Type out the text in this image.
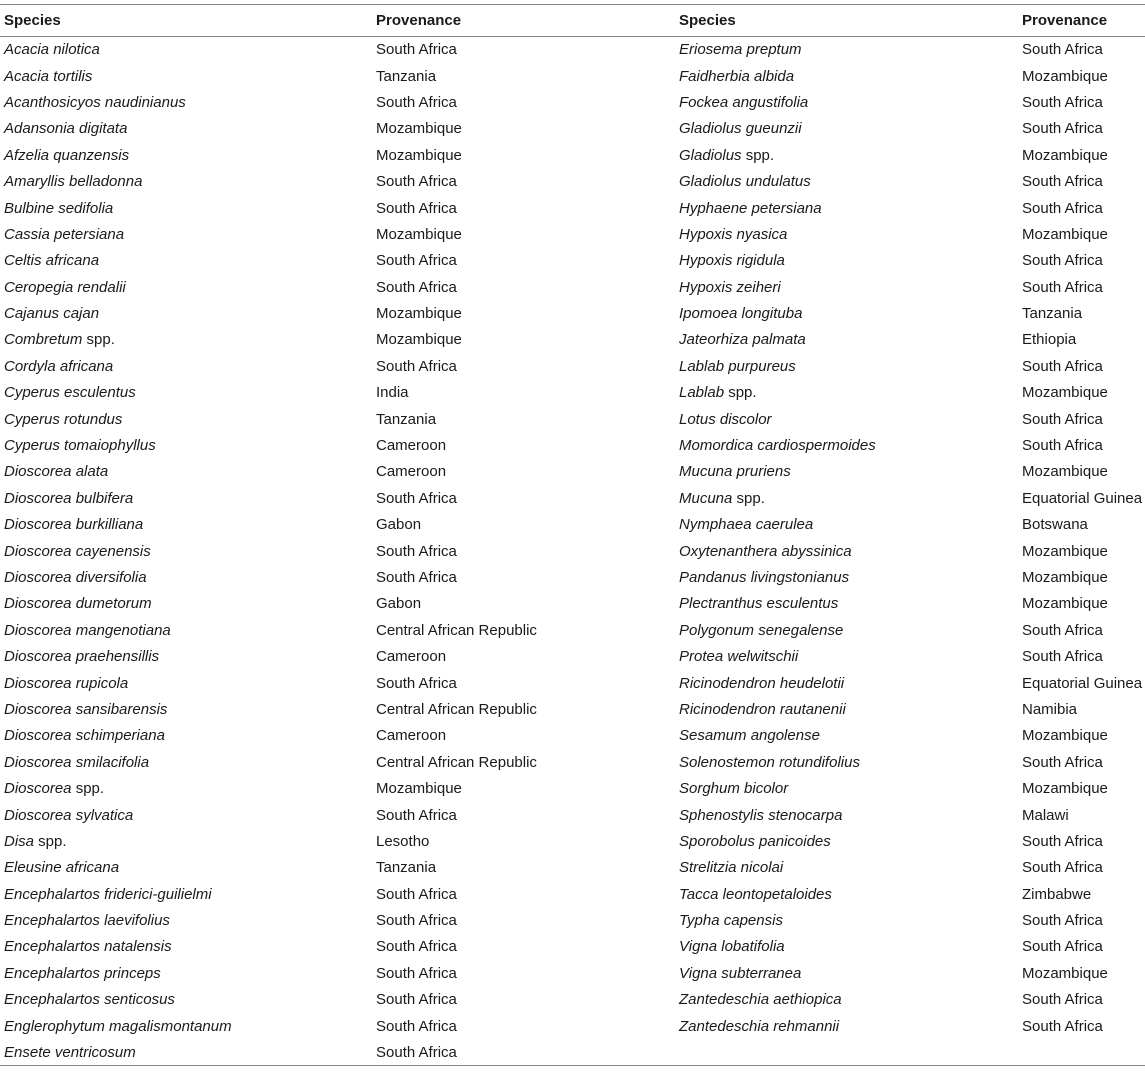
Species	Provenance	Species	Provenance
Acacia nilotica	South Africa	Eriosema preptum	South Africa
Acacia tortilis	Tanzania	Faidherbia albida	Mozambique
Acanthosicyos naudinianus	South Africa	Fockea angustifolia	South Africa
Adansonia digitata	Mozambique	Gladiolus gueunzii	South Africa
Afzelia quanzensis	Mozambique	Gladiolus spp.	Mozambique
Amaryllis belladonna	South Africa	Gladiolus undulatus	South Africa
Bulbine sedifolia	South Africa	Hyphaene petersiana	South Africa
Cassia petersiana	Mozambique	Hypoxis nyasica	Mozambique
Celtis africana	South Africa	Hypoxis rigidula	South Africa
Ceropegia rendalii	South Africa	Hypoxis zeiheri	South Africa
Cajanus cajan	Mozambique	Ipomoea longituba	Tanzania
Combretum spp.	Mozambique	Jateorhiza palmata	Ethiopia
Cordyla africana	South Africa	Lablab purpureus	South Africa
Cyperus esculentus	India	Lablab spp.	Mozambique
Cyperus rotundus	Tanzania	Lotus discolor	South Africa
Cyperus tomaiophyllus	Cameroon	Momordica cardiospermoides	South Africa
Dioscorea alata	Cameroon	Mucuna pruriens	Mozambique
Dioscorea bulbifera	South Africa	Mucuna spp.	Equatorial Guinea
Dioscorea burkilliana	Gabon	Nymphaea caerulea	Botswana
Dioscorea cayenensis	South Africa	Oxytenanthera abyssinica	Mozambique
Dioscorea diversifolia	South Africa	Pandanus livingstonianus	Mozambique
Dioscorea dumetorum	Gabon	Plectranthus esculentus	Mozambique
Dioscorea mangenotiana	Central African Republic	Polygonum senegalense	South Africa
Dioscorea praehensillis	Cameroon	Protea welwitschii	South Africa
Dioscorea rupicola	South Africa	Ricinodendron heudelotii	Equatorial Guinea
Dioscorea sansibarensis	Central African Republic	Ricinodendron rautanenii	Namibia
Dioscorea schimperiana	Cameroon	Sesamum angolense	Mozambique
Dioscorea smilacifolia	Central African Republic	Solenostemon rotundifolius	South Africa
Dioscorea spp.	Mozambique	Sorghum bicolor	Mozambique
Dioscorea sylvatica	South Africa	Sphenostylis stenocarpa	Malawi
Disa spp.	Lesotho	Sporobolus panicoides	South Africa
Eleusine africana	Tanzania	Strelitzia nicolai	South Africa
Encephalartos friderici-guilielmi	South Africa	Tacca leontopetaloides	Zimbabwe
Encephalartos laevifolius	South Africa	Typha capensis	South Africa
Encephalartos natalensis	South Africa	Vigna lobatifolia	South Africa
Encephalartos princeps	South Africa	Vigna subterranea	Mozambique
Encephalartos senticosus	South Africa	Zantedeschia aethiopica	South Africa
Englerophytum magalismontanum	South Africa	Zantedeschia rehmannii	South Africa
Ensete ventricosum	South Africa		
